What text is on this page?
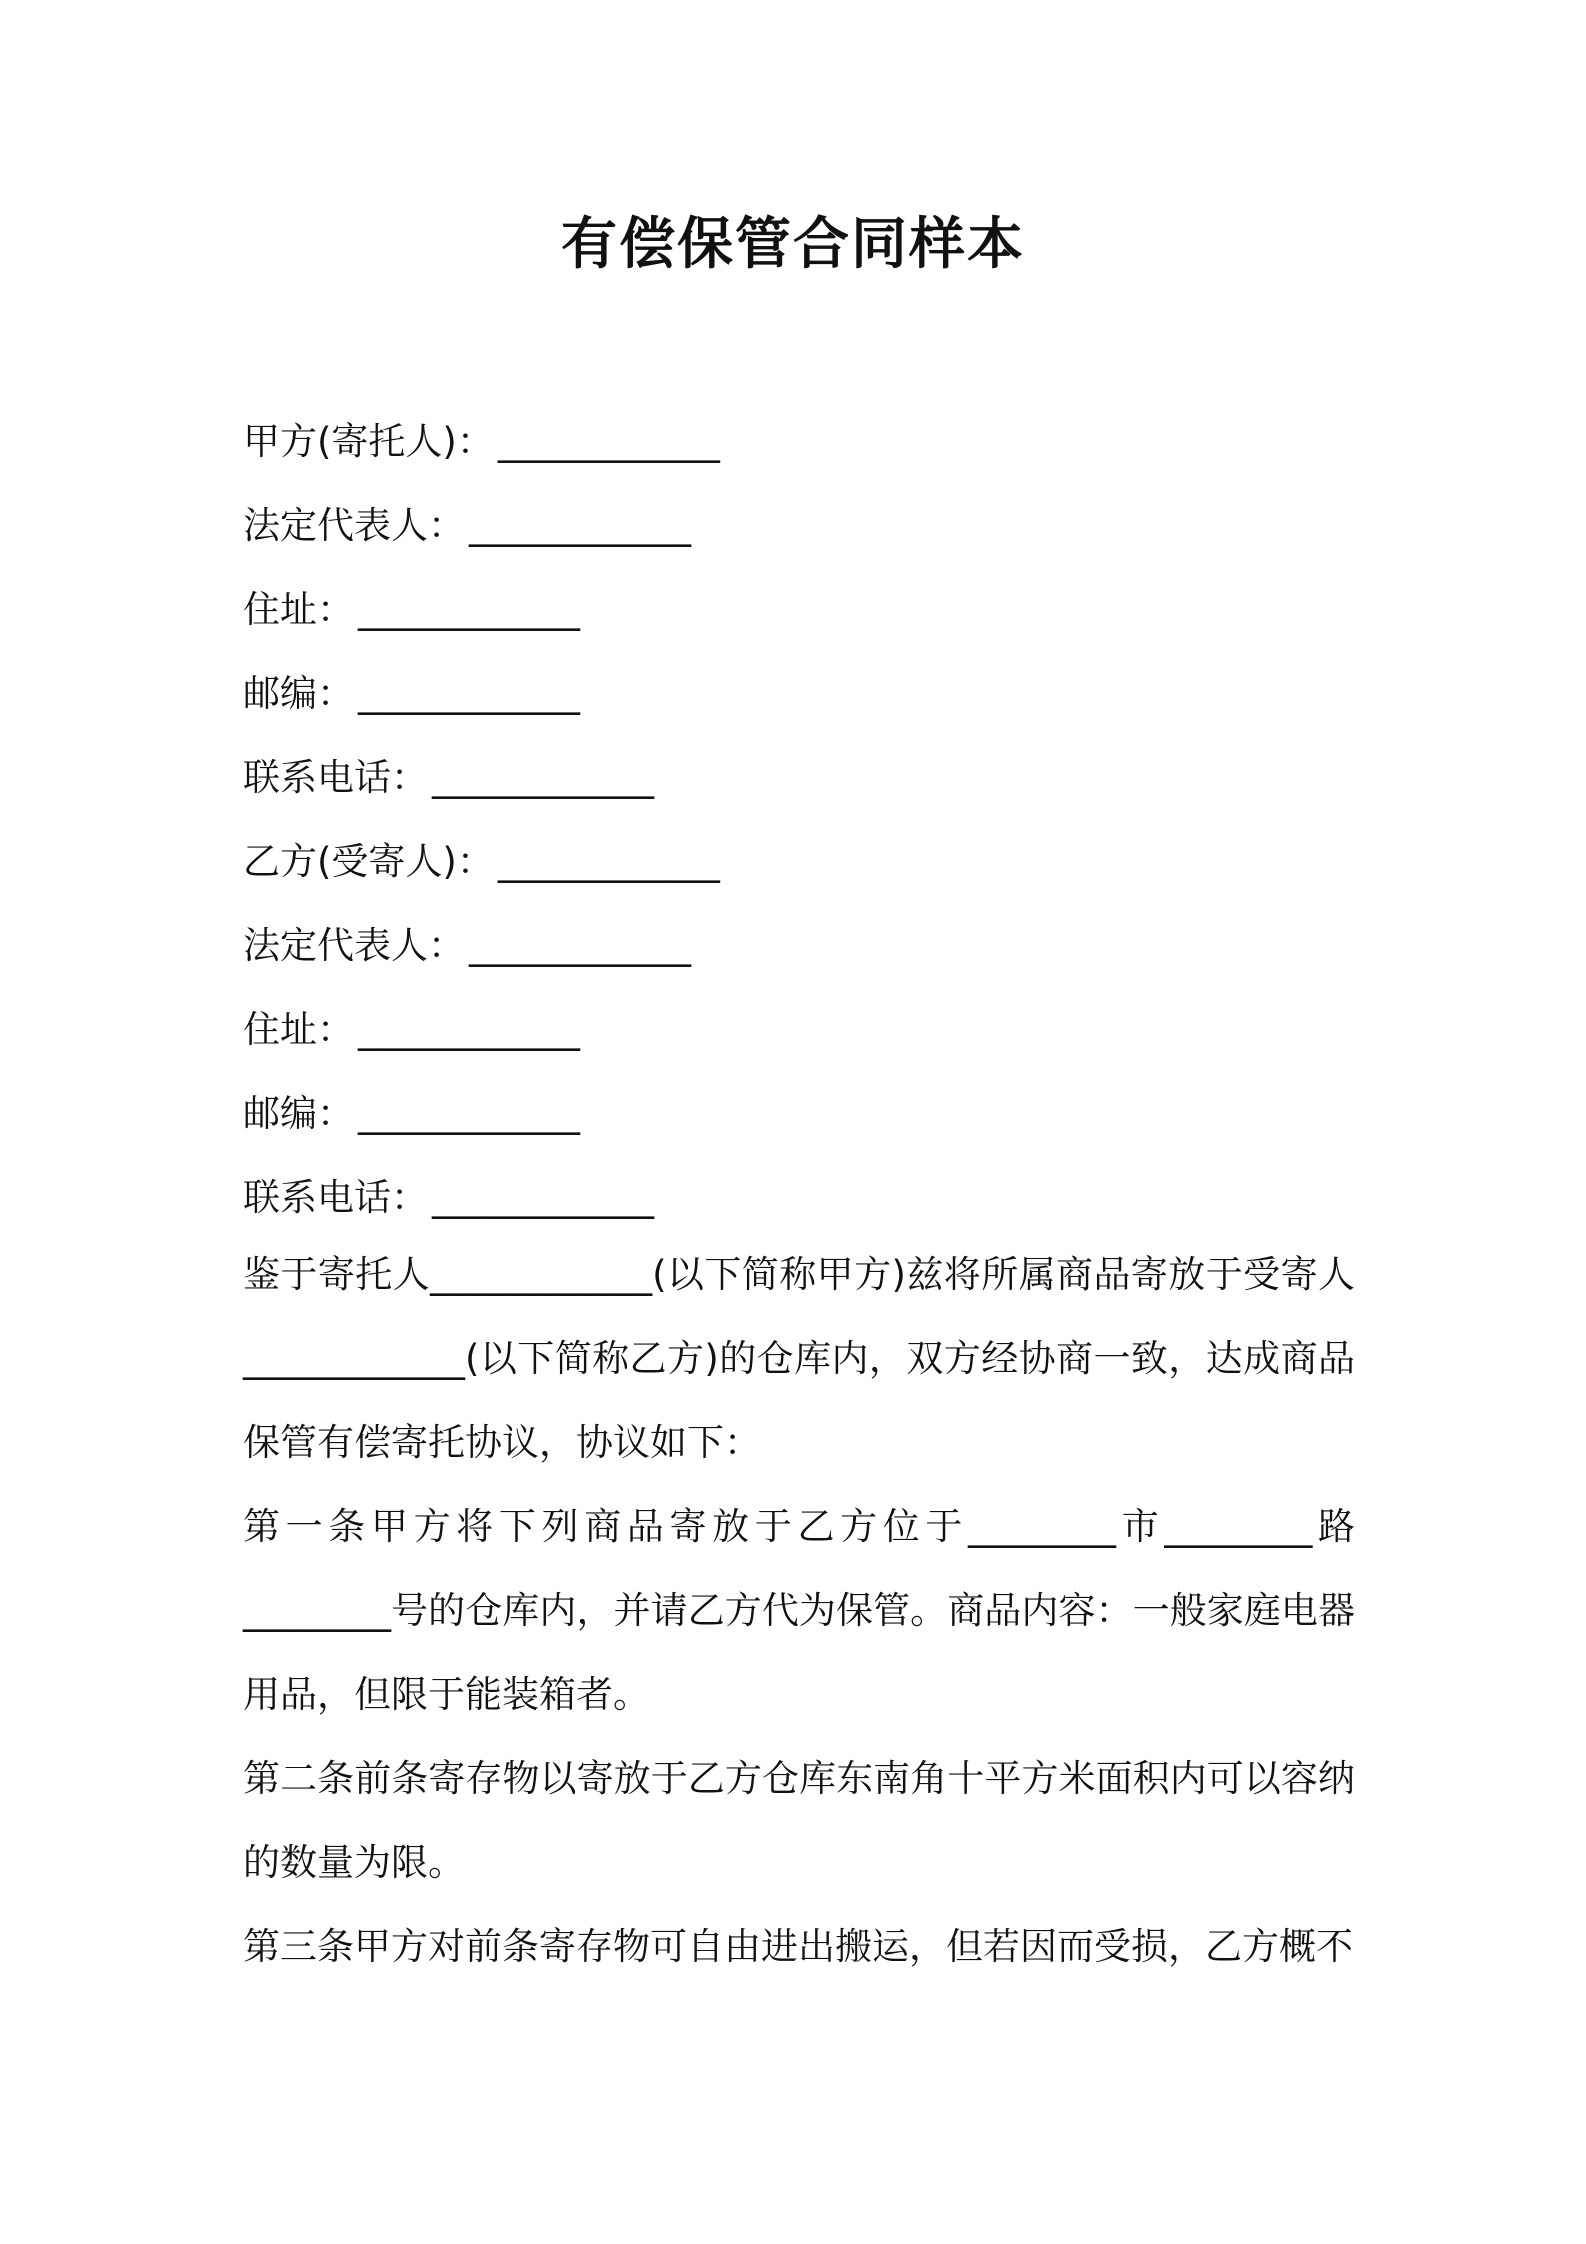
有偿保管合同样本
甲方(寄托人)： ____________
法定代表人： ____________
住址： ____________
邮编： ____________
联系电话： ____________
乙方(受寄人)： ____________
法定代表人： ____________
住址： ____________
邮编： ____________
联系电话： ____________

鉴于寄托人____________(以下简称甲方)兹将所属商品寄放于受寄人____________(以下简称乙方)的仓库内，双方经协商一致，达成商品保管有偿寄托协议，协议如下：

第一条甲方将下列商品寄放于乙方位于________市________路________号的仓库内，并请乙方代为保管。商品内容：一般家庭电器用品，但限于能装箱者。

第二条前条寄存物以寄放于乙方仓库东南角十平方米面积内可以容纳的数量为限。

第三条甲方对前条寄存物可自由进出搬运，但若因而受损，乙方概不
